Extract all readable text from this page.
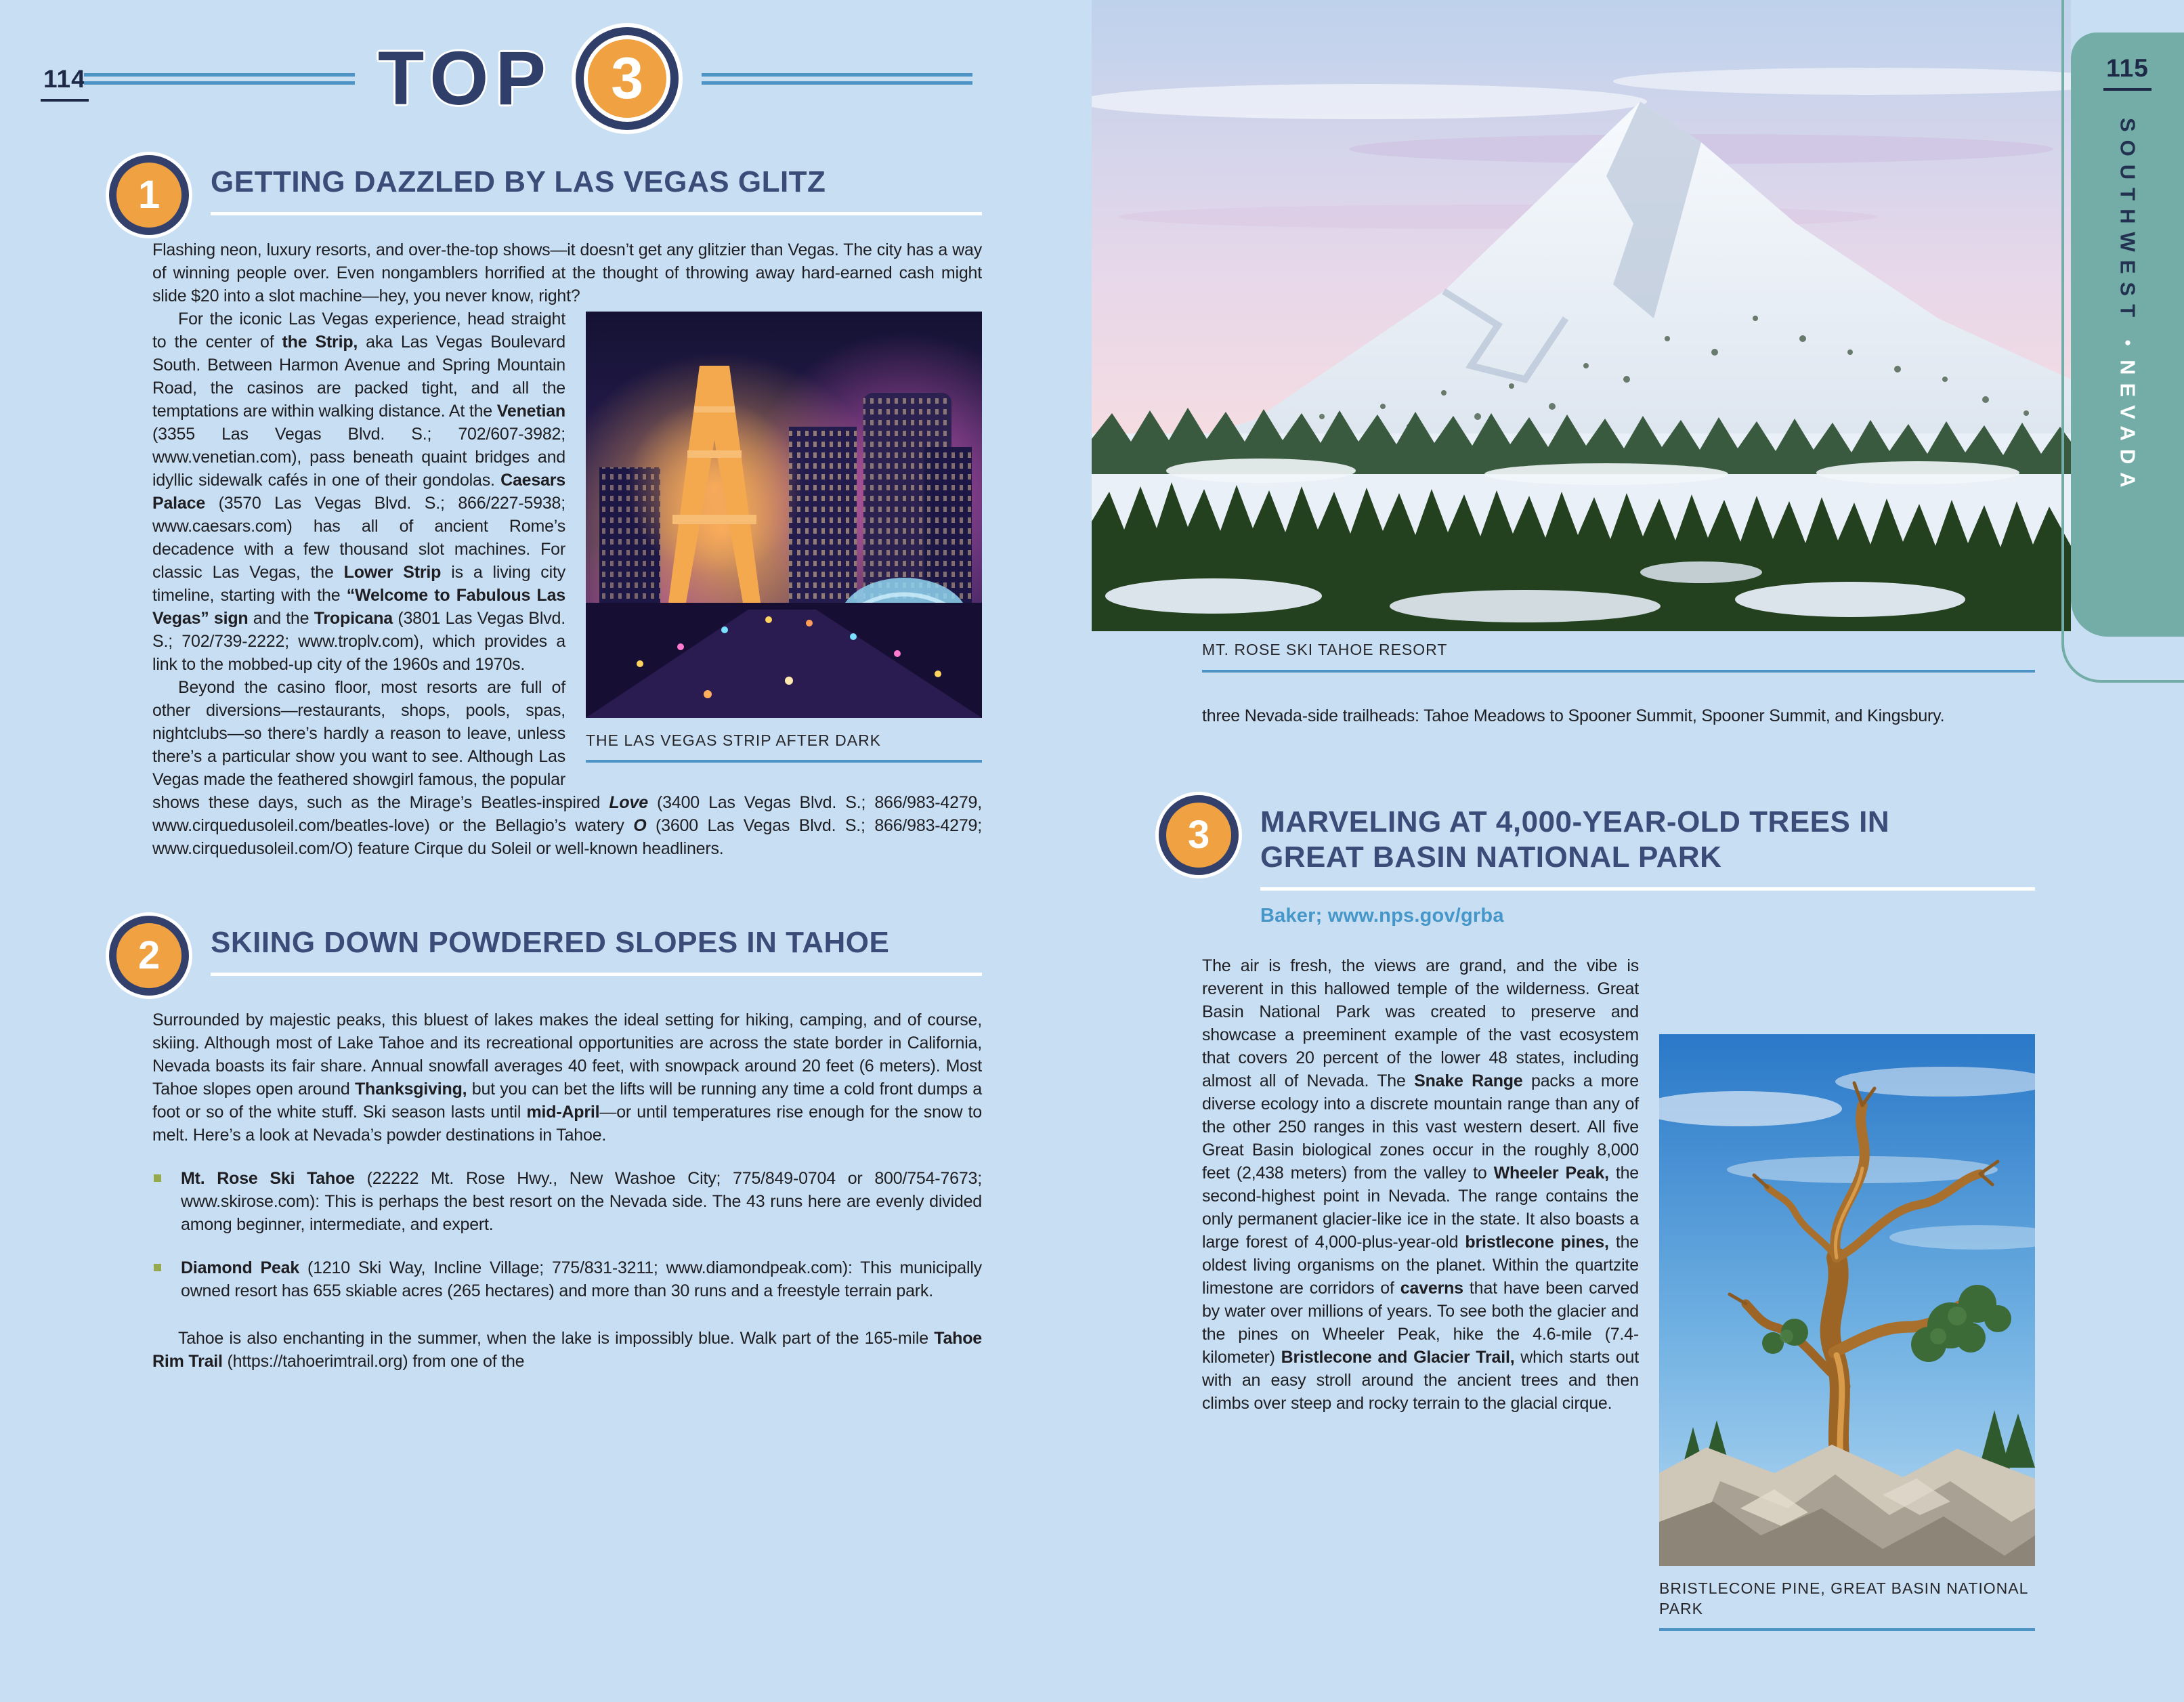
114	TOP	3
1	GETTING DAZZLED BY LAS VEGAS GLITZ

Flashing neon, luxury resorts, and over-the-top shows—it doesn’t get any glitzier than Vegas. The city has a way of winning people over. Even nongamblers horrified at the thought of throwing away hard-earned cash might slide $20 into a slot machine—hey, you never know, right?

THE LAS VEGAS STRIP AFTER DARK

For the iconic Las Vegas experience, head straight to the center of the Strip, aka Las Vegas Boulevard South. Between Harmon Avenue and Spring Mountain Road, the casinos are packed tight, and all the temptations are within walking distance. At the Venetian (3355 Las Vegas Blvd. S.; 702/607-3982; www.venetian.com), pass beneath quaint bridges and idyllic sidewalk cafés in one of their gondolas. Caesars Palace (3570 Las Vegas Blvd. S.; 866/227-5938; www.caesars.com) has all of ancient Rome’s decadence with a few thousand slot machines. For classic Las Vegas, the Lower Strip is a living city timeline, starting with the “Welcome to Fabulous Las Vegas” sign and the Tropicana (3801 Las Vegas Blvd. S.; 702/739-2222; www.troplv.com), which provides a link to the mobbed-up city of the 1960s and 1970s.

Beyond the casino floor, most resorts are full of other diversions—restaurants, shops, pools, spas, nightclubs—so there’s hardly a reason to leave, unless there’s a particular show you want to see. Although Las Vegas made the feathered showgirl famous, the popular shows these days, such as the Mirage’s Beatles-inspired Love (3400 Las Vegas Blvd. S.; 866/983-4279, www.cirquedusoleil.com/beatles-love) or the Bellagio’s watery O (3600 Las Vegas Blvd. S.; 866/983-4279; www.cirquedusoleil.com/O) feature Cirque du Soleil or well-known headliners.

2	SKIING DOWN POWDERED SLOPES IN TAHOE

Surrounded by majestic peaks, this bluest of lakes makes the ideal setting for hiking, camping, and of course, skiing. Although most of Lake Tahoe and its recreational opportunities are across the state border in California, Nevada boasts its fair share. Annual snowfall averages 40 feet, with snowpack around 20 feet (6 meters). Most Tahoe slopes open around Thanksgiving, but you can bet the lifts will be running any time a cold front dumps a foot or so of the white stuff. Ski season lasts until mid-April—or until temperatures rise enough for the snow to melt. Here’s a look at Nevada’s powder destinations in Tahoe.

Mt. Rose Ski Tahoe (22222 Mt. Rose Hwy., New Washoe City; 775/849-0704 or 800/754-7673; www.skirose.com): This is perhaps the best resort on the Nevada side. The 43 runs here are evenly divided among beginner, intermediate, and expert.

Diamond Peak (1210 Ski Way, Incline Village; 775/831-3211; www.diamondpeak.com): This municipally owned resort has 655 skiable acres (265 hectares) and more than 30 runs and a freestyle terrain park.

Tahoe is also enchanting in the summer, when the lake is impossibly blue. Walk part of the 165-mile Tahoe Rim Trail (https://tahoerimtrail.org) from one of the

MT. ROSE SKI TAHOE RESORT

three Nevada-side trailheads: Tahoe Meadows to Spooner Summit, Spooner Summit, and Kingsbury.

3	MARVELING AT 4,000-YEAR-OLD TREES IN
GREAT BASIN NATIONAL PARK
Baker; www.nps.gov/grba
BRISTLECONE PINE, GREAT BASIN NATIONAL PARK

The air is fresh, the views are grand, and the vibe is reverent in this hallowed temple of the wilderness. Great Basin National Park was created to preserve and showcase a preeminent example of the vast ecosystem that covers 20 percent of the lower 48 states, including almost all of Nevada. The Snake Range packs a more diverse ecology into a discrete mountain range than any of the other 250 ranges in this vast western desert. All five Great Basin biological zones occur in the roughly 8,000 feet (2,438 meters) from the valley to Wheeler Peak, the second-highest point in Nevada. The range contains the only permanent glacier-like ice in the state. It also boasts a large forest of 4,000-plus-year-old bristlecone pines, the oldest living organisms on the planet. Within the quartzite limestone are corridors of caverns that have been carved by water over millions of years. To see both the glacier and the pines on Wheeler Peak, hike the 4.6-mile (7.4-kilometer) Bristlecone and Glacier Trail, which starts out with an easy stroll around the ancient trees and then climbs over steep and rocky terrain to the glacial cirque.

115
SOUTHWEST●NEVADA
